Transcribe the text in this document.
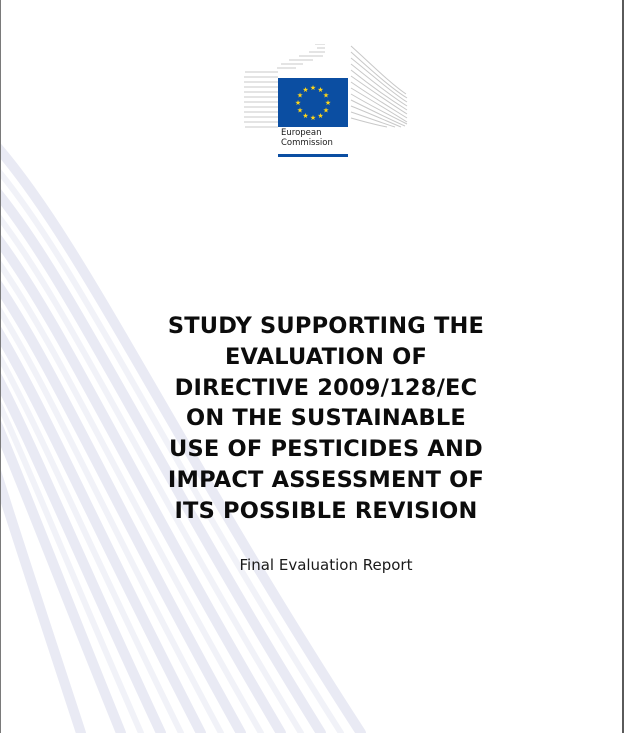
★ ★
★
★
★
★
★
★
★
★
★
★
European
Commission
STUDY SUPPORTING THE
EVALUATION OF
DIRECTIVE 2009/128/EC
ON THE SUSTAINABLE
USE OF PESTICIDES AND
IMPACT ASSESSMENT OF
ITS POSSIBLE REVISION
Final Evaluation Report
